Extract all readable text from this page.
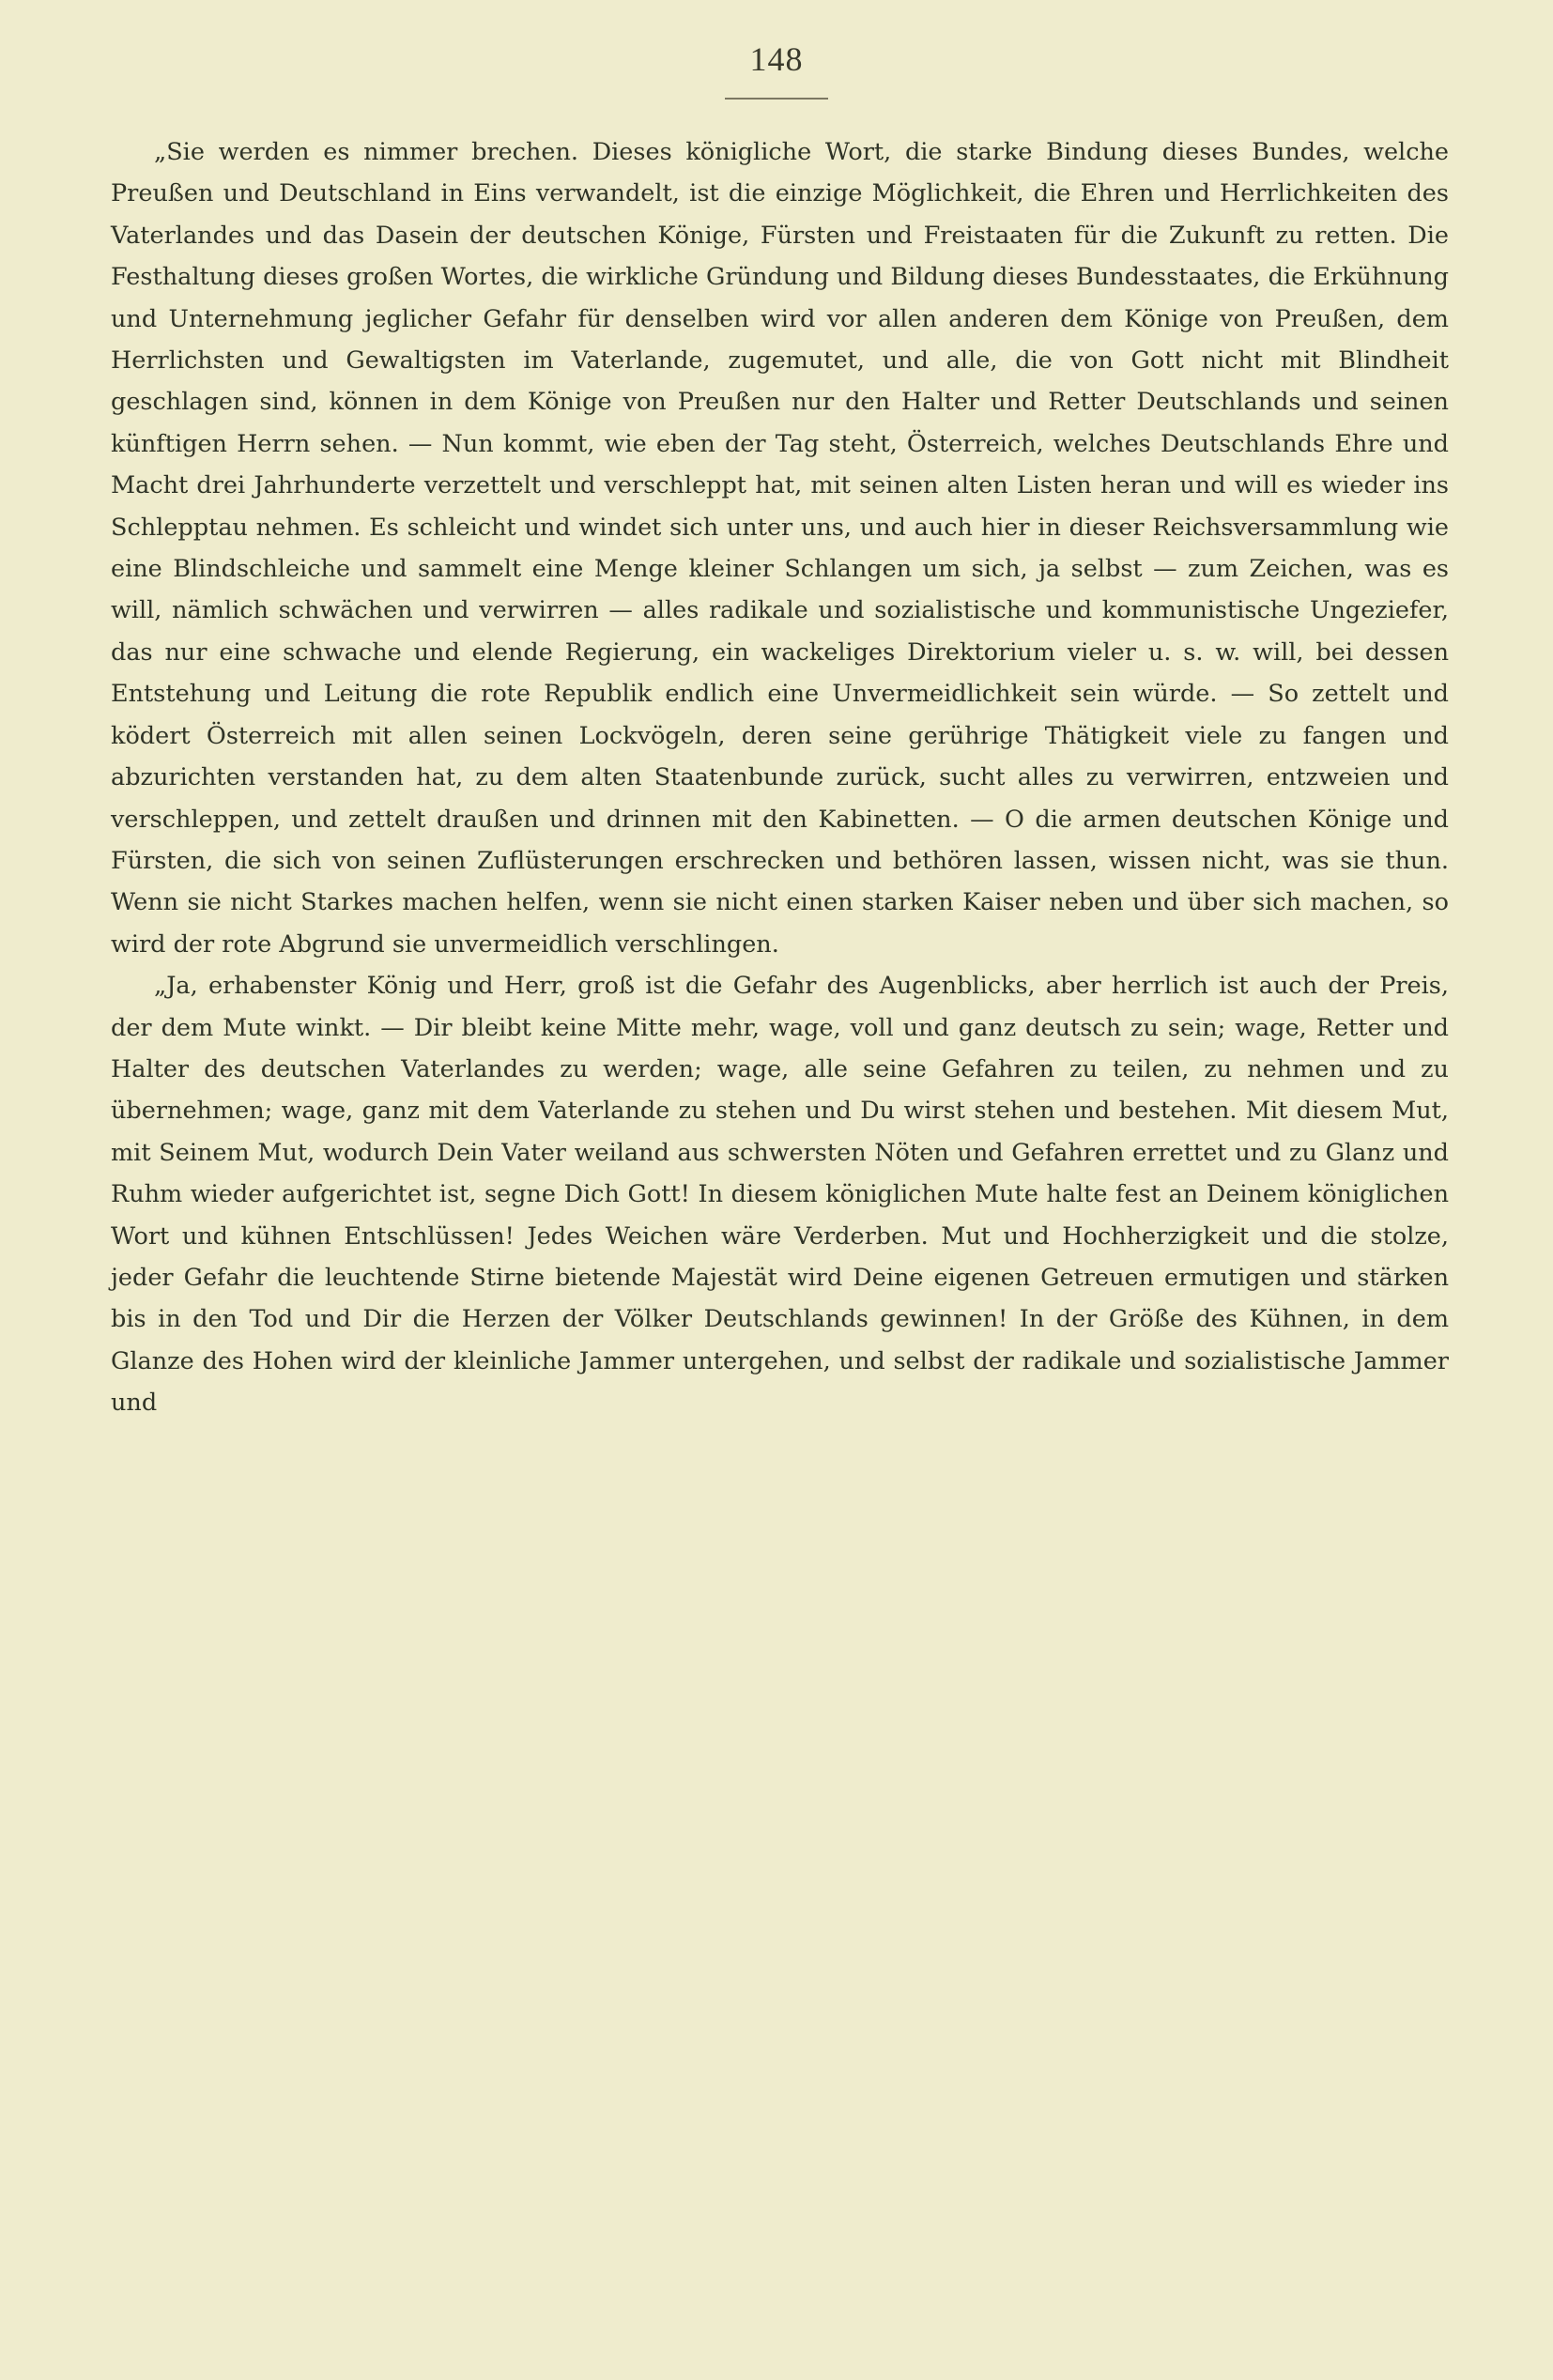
148

„Sie werden es nimmer brechen. Dieses königliche Wort, die starke Bindung dieses Bundes, welche Preußen und Deutschland in Eins verwandelt, ist die einzige Möglichkeit, die Ehren und Herrlichkeiten des Vaterlandes und das Dasein der deutschen Könige, Fürsten und Freistaaten für die Zukunft zu retten. Die Festhaltung dieses großen Wortes, die wirkliche Gründung und Bildung dieses Bundesstaates, die Erkühnung und Unternehmung jeglicher Gefahr für denselben wird vor allen anderen dem Könige von Preußen, dem Herrlichsten und Gewaltigsten im Vaterlande, zugemutet, und alle, die von Gott nicht mit Blindheit geschlagen sind, können in dem Könige von Preußen nur den Halter und Retter Deutschlands und seinen künftigen Herrn sehen. — Nun kommt, wie eben der Tag steht, Österreich, welches Deutschlands Ehre und Macht drei Jahrhunderte verzettelt und verschleppt hat, mit seinen alten Listen heran und will es wieder ins Schlepptau nehmen. Es schleicht und windet sich unter uns, und auch hier in dieser Reichsversammlung wie eine Blindschleiche und sammelt eine Menge kleiner Schlangen um sich, ja selbst — zum Zeichen, was es will, nämlich schwächen und verwirren — alles radikale und sozialistische und kommunistische Ungeziefer, das nur eine schwache und elende Regierung, ein wackeliges Direktorium vieler u. s. w. will, bei dessen Entstehung und Leitung die rote Republik endlich eine Unvermeidlichkeit sein würde. — So zettelt und ködert Österreich mit allen seinen Lockvögeln, deren seine gerührige Thätigkeit viele zu fangen und abzurichten verstanden hat, zu dem alten Staatenbunde zurück, sucht alles zu verwirren, entzweien und verschleppen, und zettelt draußen und drinnen mit den Kabinetten. — O die armen deutschen Könige und Fürsten, die sich von seinen Zuflüsterungen erschrecken und bethören lassen, wissen nicht, was sie thun. Wenn sie nicht Starkes machen helfen, wenn sie nicht einen starken Kaiser neben und über sich machen, so wird der rote Abgrund sie unvermeidlich verschlingen.

„Ja, erhabenster König und Herr, groß ist die Gefahr des Augenblicks, aber herrlich ist auch der Preis, der dem Mute winkt. — Dir bleibt keine Mitte mehr, wage, voll und ganz deutsch zu sein; wage, Retter und Halter des deutschen Vaterlandes zu werden; wage, alle seine Gefahren zu teilen, zu nehmen und zu übernehmen; wage, ganz mit dem Vaterlande zu stehen und Du wirst stehen und bestehen. Mit diesem Mut, mit Seinem Mut, wodurch Dein Vater weiland aus schwersten Nöten und Gefahren errettet und zu Glanz und Ruhm wieder aufgerichtet ist, segne Dich Gott! In diesem königlichen Mute halte fest an Deinem königlichen Wort und kühnen Entschlüssen! Jedes Weichen wäre Verderben. Mut und Hochherzigkeit und die stolze, jeder Gefahr die leuchtende Stirne bietende Majestät wird Deine eigenen Getreuen ermutigen und stärken bis in den Tod und Dir die Herzen der Völker Deutschlands gewinnen! In der Größe des Kühnen, in dem Glanze des Hohen wird der kleinliche Jammer untergehen, und selbst der radikale und sozialistische Jammer und
